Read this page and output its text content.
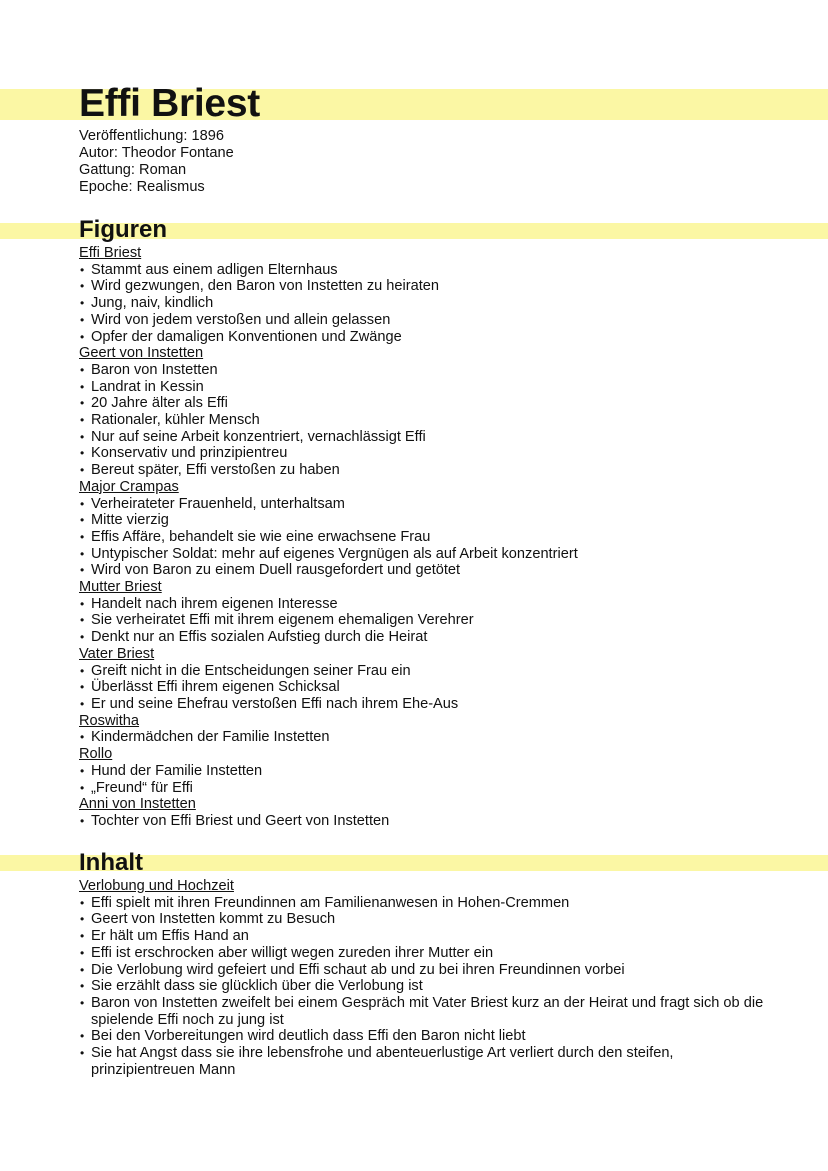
Effi Briest
Veröffentlichung: 1896
Autor: Theodor Fontane
Gattung: Roman
Epoche: Realismus
Figuren
Effi Briest
• Stammt aus einem adligen Elternhaus
• Wird gezwungen, den Baron von Instetten zu heiraten
• Jung, naiv, kindlich
• Wird von jedem verstoßen und allein gelassen
• Opfer der damaligen Konventionen und Zwänge
Geert von Instetten
• Baron von Instetten
• Landrat in Kessin
• 20 Jahre älter als Effi
• Rationaler, kühler Mensch
• Nur auf seine Arbeit konzentriert, vernachlässigt Effi
• Konservativ und prinzipientreu
• Bereut später, Effi verstoßen zu haben
Major Crampas
• Verheirateter Frauenheld, unterhaltsam
• Mitte vierzig
• Effis Affäre, behandelt sie wie eine erwachsene Frau
• Untypischer Soldat: mehr auf eigenes Vergnügen als auf Arbeit konzentriert
• Wird von Baron zu einem Duell rausgefordert und getötet
Mutter Briest
• Handelt nach ihrem eigenen Interesse
• Sie verheiratet Effi mit ihrem eigenem ehemaligen Verehrer
• Denkt nur an Effis sozialen Aufstieg durch die Heirat
Vater Briest
• Greift nicht in die Entscheidungen seiner Frau ein
• Überlässt Effi ihrem eigenen Schicksal
• Er und seine Ehefrau verstoßen Effi nach ihrem Ehe-Aus
Roswitha
• Kindermädchen der Familie Instetten
Rollo
• Hund der Familie Instetten
• „Freund“ für Effi
Anni von Instetten
• Tochter von Effi Briest und Geert von Instetten
Inhalt
Verlobung und Hochzeit
• Effi spielt mit ihren Freundinnen am Familienanwesen in Hohen-Cremmen
• Geert von Instetten kommt zu Besuch
• Er hält um Effis Hand an
• Effi ist erschrocken aber willigt wegen zureden ihrer Mutter ein
• Die Verlobung wird gefeiert und Effi schaut ab und zu bei ihren Freundinnen vorbei
• Sie erzählt dass sie glücklich über die Verlobung ist
• Baron von Instetten zweifelt bei einem Gespräch mit Vater Briest kurz an der Heirat und fragt sich ob die spielende Effi noch zu jung ist
• Bei den Vorbereitungen wird deutlich dass Effi den Baron nicht liebt
• Sie hat Angst dass sie ihre lebensfrohe und abenteuerlustige Art verliert durch den steifen, prinzipientreuen Mann
